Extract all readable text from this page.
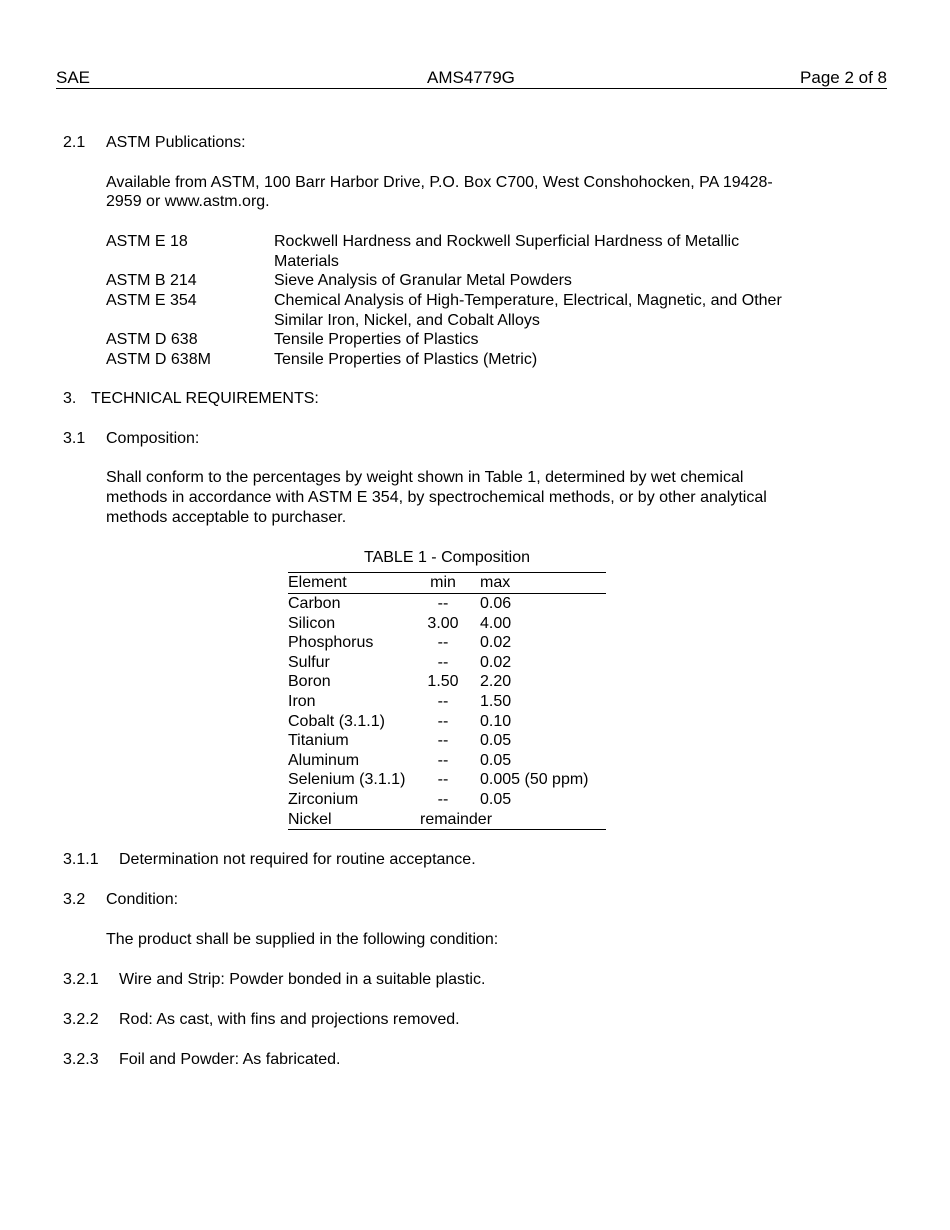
SAE	AMS4779G	Page 2 of 8
2.1 ASTM Publications:
Available from ASTM, 100 Barr Harbor Drive, P.O. Box C700, West Conshohocken, PA 19428-
2959 or www.astm.org.
ASTM E 18	Rockwell Hardness and Rockwell Superficial Hardness of Metallic Materials
ASTM B 214	Sieve Analysis of Granular Metal Powders
ASTM E 354	Chemical Analysis of High-Temperature, Electrical, Magnetic, and Other Similar Iron, Nickel, and Cobalt Alloys
ASTM D 638	Tensile Properties of Plastics
ASTM D 638M	Tensile Properties of Plastics (Metric)
3. TECHNICAL REQUIREMENTS:
3.1 Composition:
Shall conform to the percentages by weight shown in Table 1, determined by wet chemical
methods in accordance with ASTM E 354, by spectrochemical methods, or by other analytical
methods acceptable to purchaser.
TABLE 1 - Composition
Element	min	max
Carbon	--	0.06
Silicon	3.00	4.00
Phosphorus	--	0.02
Sulfur	--	0.02
Boron	1.50	2.20
Iron	--	1.50
Cobalt (3.1.1)	--	0.10
Titanium	--	0.05
Aluminum	--	0.05
Selenium (3.1.1)	--	0.005 (50 ppm)
Zirconium	--	0.05
Nickel	remainder
3.1.1 Determination not required for routine acceptance.
3.2 Condition:
The product shall be supplied in the following condition:
3.2.1 Wire and Strip: Powder bonded in a suitable plastic.
3.2.2 Rod: As cast, with fins and projections removed.
3.2.3 Foil and Powder: As fabricated.
